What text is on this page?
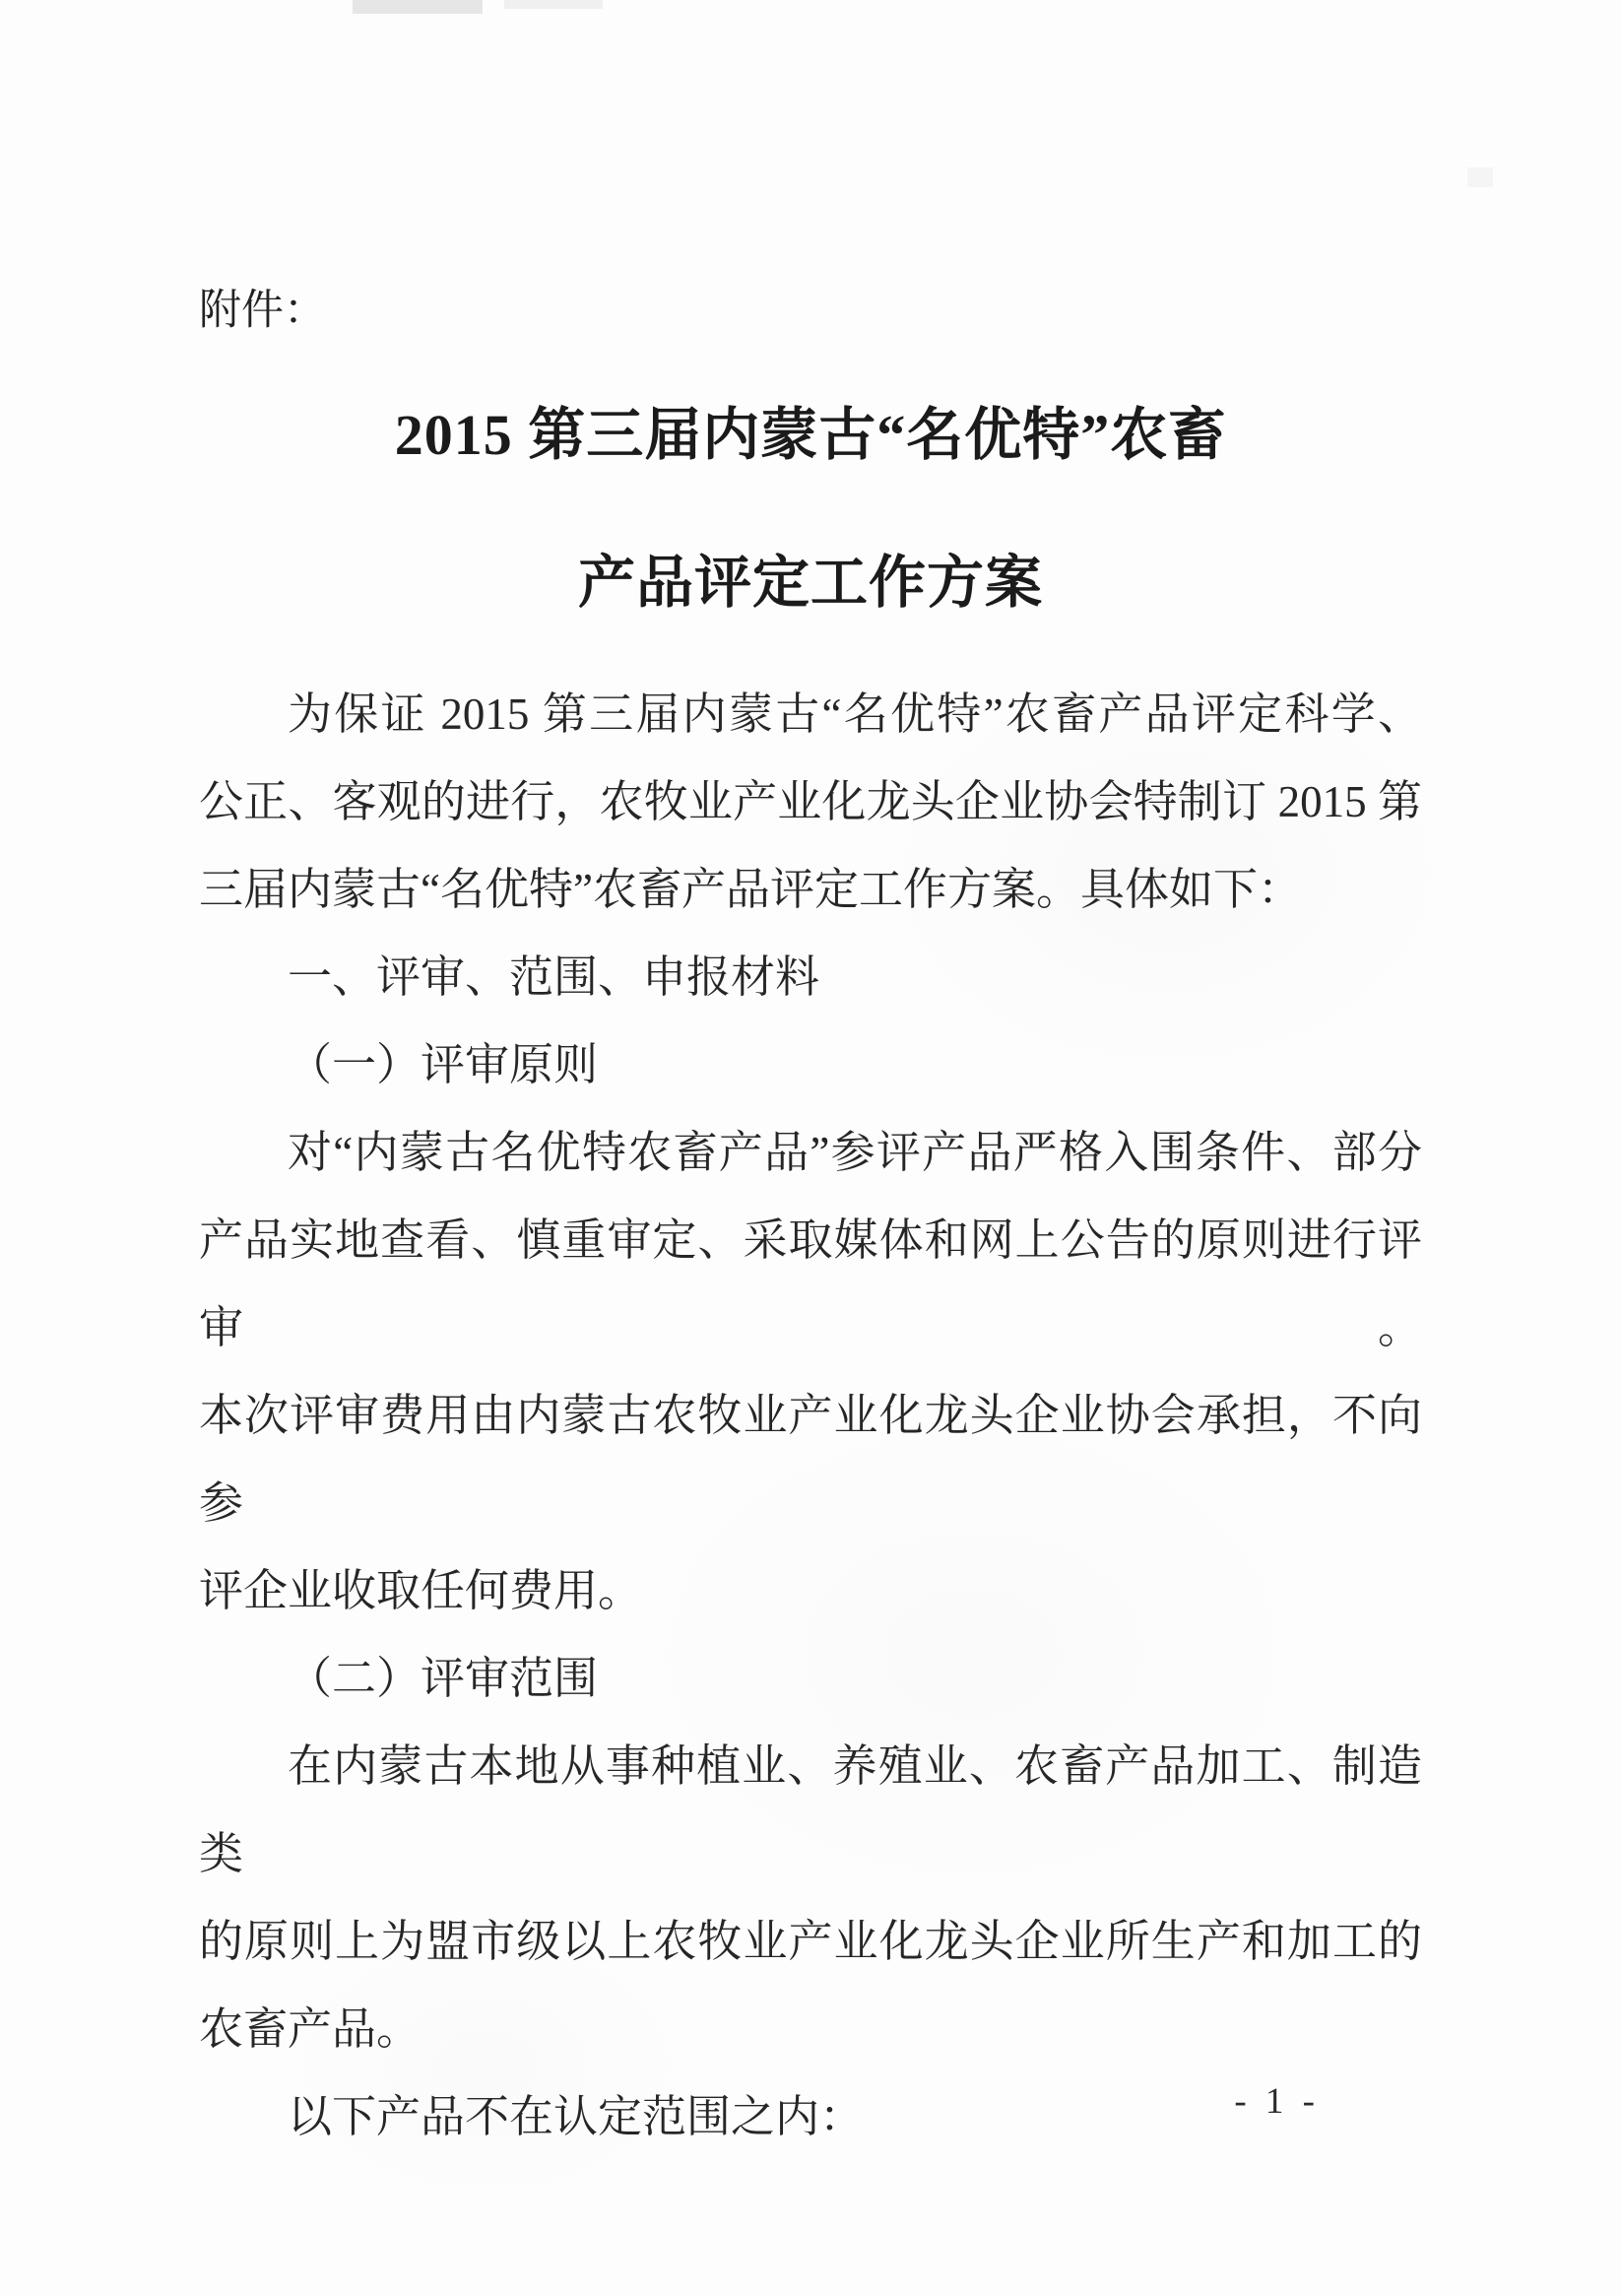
附件：
2015 第三届内蒙古“名优特”农畜
产品评定工作方案
为保证 2015 第三届内蒙古“名优特”农畜产品评定科学、
公正、客观的进行，农牧业产业化龙头企业协会特制订 2015 第
三届内蒙古“名优特”农畜产品评定工作方案。具体如下：
一、评审、范围、申报材料
（一）评审原则
对“内蒙古名优特农畜产品”参评产品严格入围条件、部分
产品实地查看、慎重审定、采取媒体和网上公告的原则进行评审。
本次评审费用由内蒙古农牧业产业化龙头企业协会承担，不向参
评企业收取任何费用。
（二）评审范围
在内蒙古本地从事种植业、养殖业、农畜产品加工、制造类
的原则上为盟市级以上农牧业产业化龙头企业所生产和加工的
农畜产品。
以下产品不在认定范围之内：	- 1 -
